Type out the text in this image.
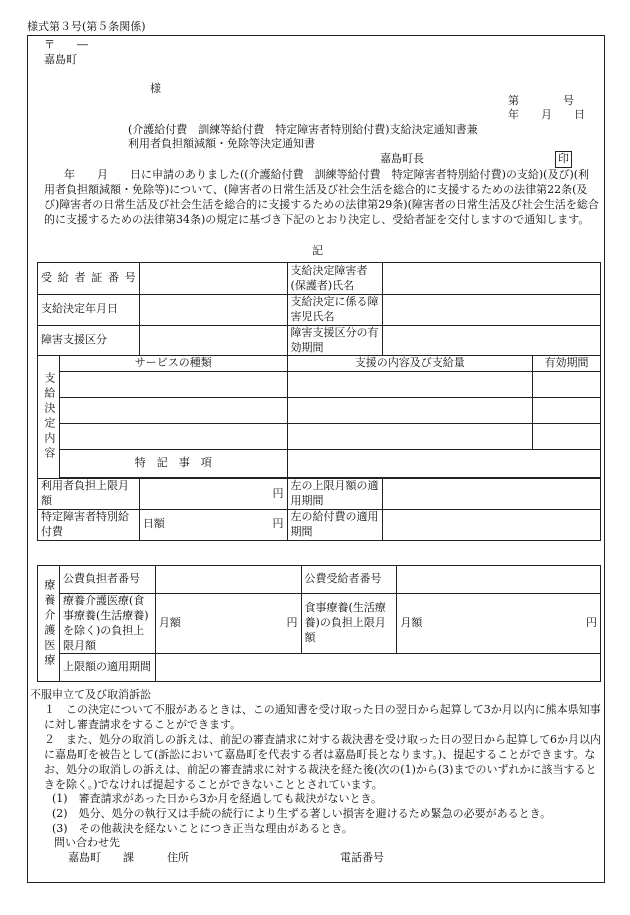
様式第３号(第５条関係)
〒　　―
嘉島町
様
第　　　　号
年　　月　　日
(介護給付費　訓練等給付費　特定障害者特別給付費)支給決定通知書兼
利用者負担額減額・免除等決定通知書
嘉島町長	印
年　　月　　日に申請のありました((介護給付費　訓練等給付費　特定障害者特別給付費)の支給)(及び)(利用者負担額減額・免除等)について、(障害者の日常生活及び社会生活を総合的に支援するための法律第22条(及び)障害者の日常生活及び社会生活を総合的に支援するための法律第29条)(障害者の日常生活及び社会生活を総合的に支援するための法律第34条)の規定に基づき下記のとおり決定し、受給者証を交付しますので通知します。
記
受給者証番号			支給決定障害者(保護者)氏名		
支給決定年月日			支給決定に係る障害児氏名		
障害支援区分			障害支援区分の有効期間		
支給決定内容	サービスの種類		支援の内容及び支給量		有効期間

	特　記　事　項				

利用者負担上限月額		円	左の上限月額の適用期間		
特定障害者特別給付費		日額 円	左の給付費の適用期間		
療養介護医療	公費負担者番号		公費受給者番号	

	療養介護医療(食事療養(生活療養)を除く)の負担上限月額	月額 円	食事療養(生活療養)の負担上限月額	月額 円

	上限額の適用期間			
不服申立て及び取消訴訟
１　この決定について不服があるときは、この通知書を受け取った日の翌日から起算して3か月以内に熊本県知事に対し審査請求をすることができます。
２　また、処分の取消しの訴えは、前記の審査請求に対する裁決書を受け取った日の翌日から起算して6か月以内に嘉島町を被告として(訴訟において嘉島町を代表する者は嘉島町長となります。)、提起することができます。なお、処分の取消しの訴えは、前記の審査請求に対する裁決を経た後(次の(1)から(3)までのいずれかに該当するときを除く。)でなければ提起することができないこととされています。
(1)　審査請求があった日から3か月を経過しても裁決がないとき。
(2)　処分、処分の執行又は手続の続行により生ずる著しい損害を避けるため緊急の必要があるとき。
(3)　その他裁決を経ないことにつき正当な理由があるとき。
問い合わせ先
嘉島町　　課　　　住所	電話番号
